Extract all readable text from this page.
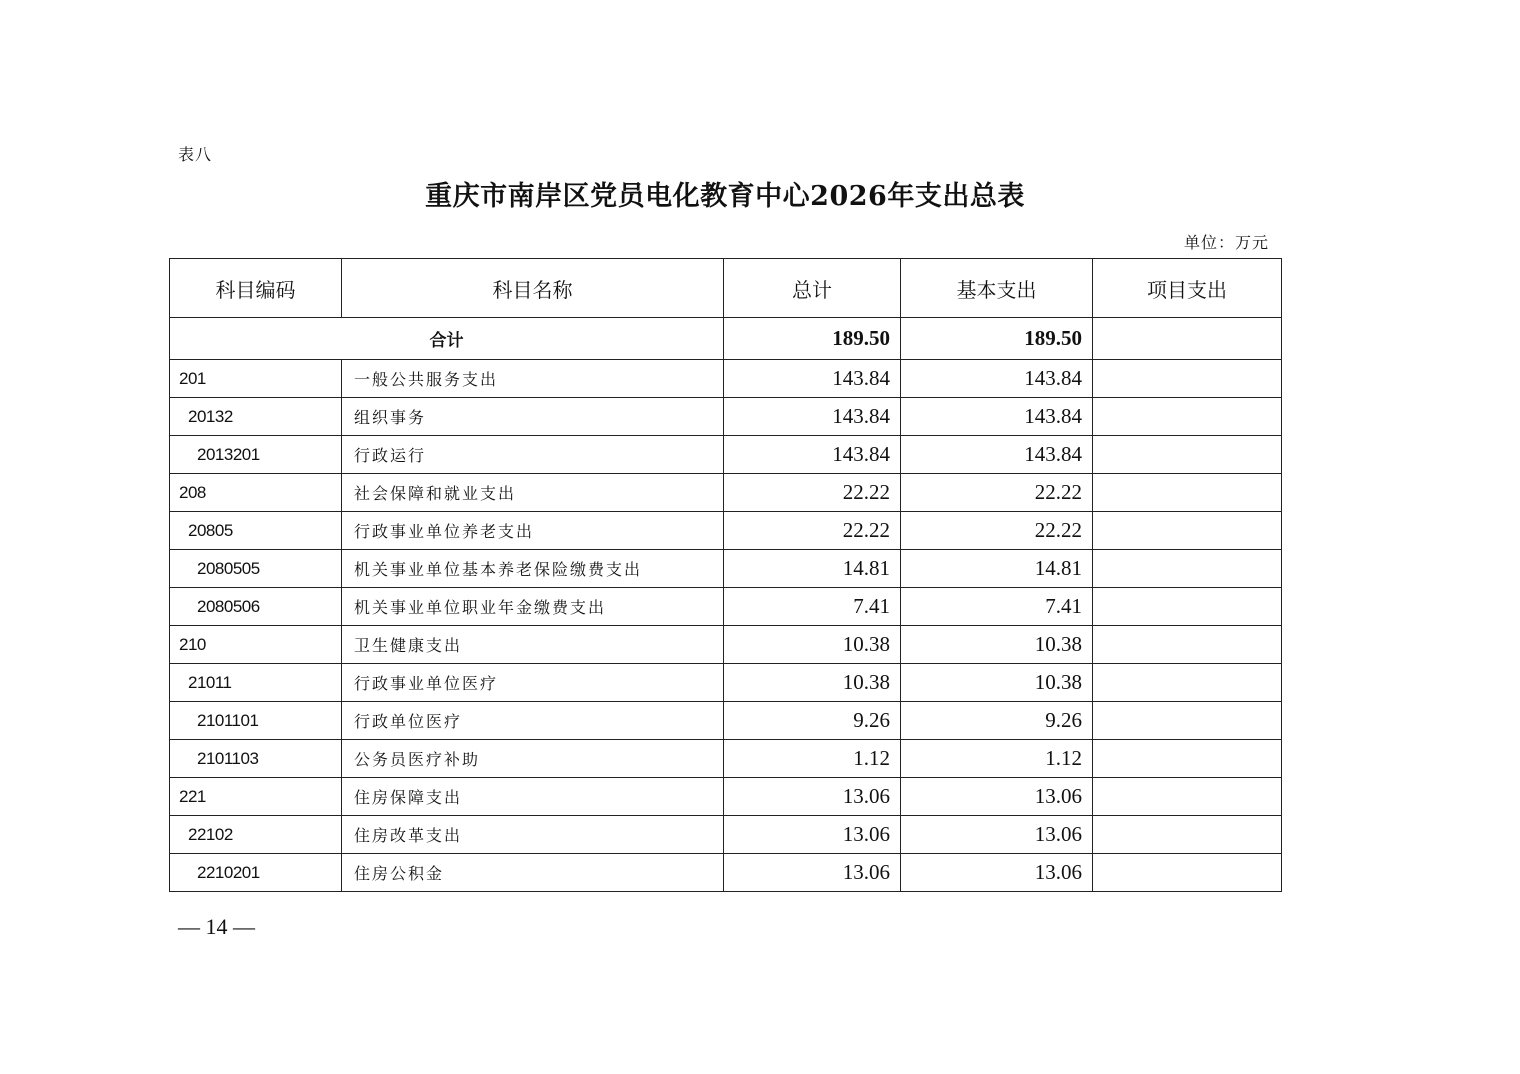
表八
重庆市南岸区党员电化教育中心2026年支出总表
单位：万元
科目编码	科目名称	总计	基本支出	项目支出
合计		189.50	189.50	
201	一般公共服务支出	143.84	143.84	
20132	组织事务	143.84	143.84	
2013201	行政运行	143.84	143.84	
208	社会保障和就业支出	22.22	22.22	
20805	行政事业单位养老支出	22.22	22.22	
2080505	机关事业单位基本养老保险缴费支出	14.81	14.81	
2080506	机关事业单位职业年金缴费支出	7.41	7.41	
210	卫生健康支出	10.38	10.38	
21011	行政事业单位医疗	10.38	10.38	
2101101	行政单位医疗	9.26	9.26	
2101103	公务员医疗补助	1.12	1.12	
221	住房保障支出	13.06	13.06	
22102	住房改革支出	13.06	13.06	
2210201	住房公积金	13.06	13.06	
— 14 —
